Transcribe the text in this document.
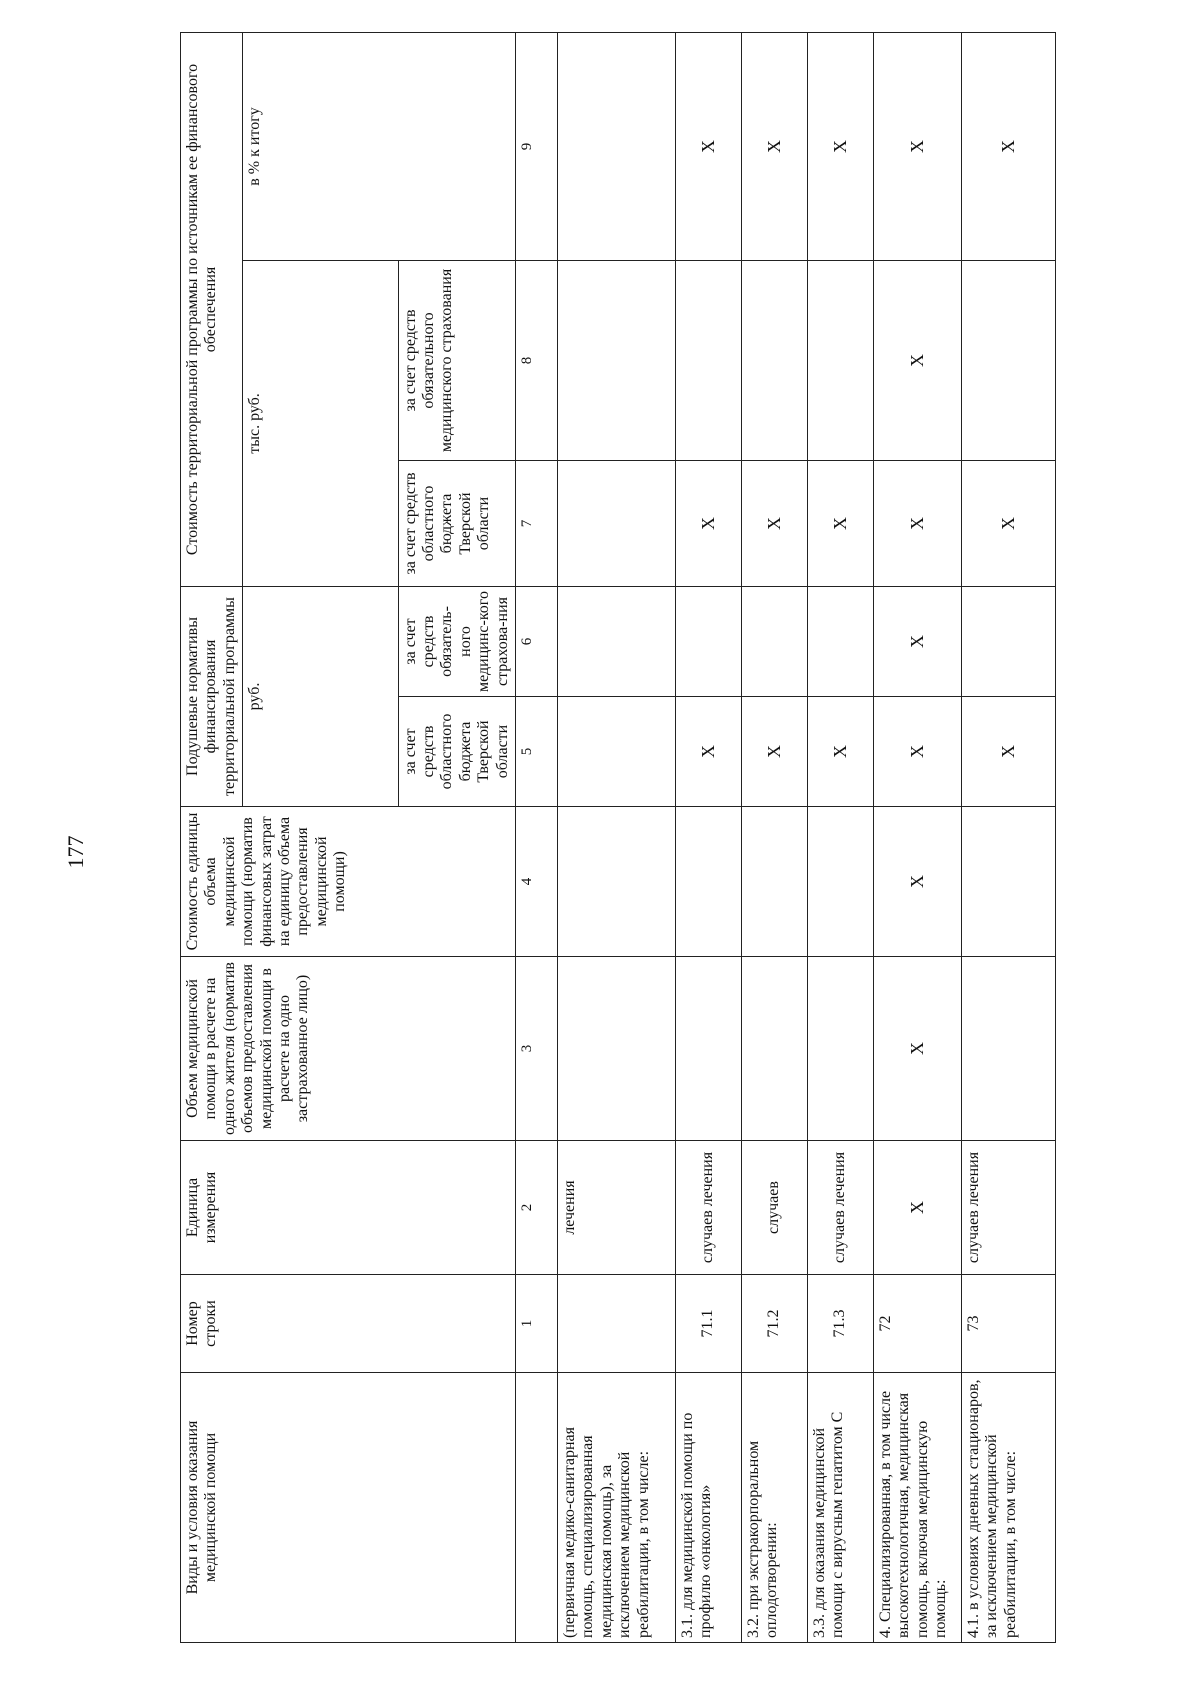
177
Виды и условия оказания медицинской помощи	Номер строки	Единица измерения	Объем медицинской помощи в расчете на одного жителя (норматив объемов предоставления медицинской помощи в расчете на одно застрахованное лицо)	Стоимость единицы объема медицинской помощи (норматив финансовых затрат на единицу объема предоставления медицинской помощи)	Подушевые нормативы финансирования территориальной программы		Стоимость территориальной программы по источникам ее финансового обеспечения		
					руб.		тыс. руб.		в % к итогу
					за счет средств областного бюджета Тверской области	за счет средств обязатель-ного медицинс-кого страхова-ния	за счет средств областного бюджета Тверской области	за счет средств обязательного медицинского страхования	
	1	2	3	4	5	6	7	8	9
(первичная медико-санитарная помощь, специализированная медицинская помощь), за исключением медицинской реабилитации, в том числе:		лечения							
3.1. для медицинской помощи по профилю «онкология»	71.1	случаев лечения			X		X		X
3.2. при экстракорпоральном оплодотворении:	71.2	случаев			X		X		X
3.3. для оказания медицинской помощи с вирусным гепатитом С	71.3	случаев лечения			X		X		X
4. Специализированная, в том числе высокотехнологичная, медицинская помощь, включая медицинскую помощь:	72	X	X	X	X	X	X	X	X
4.1. в условиях дневных стационаров, за исключением медицинской реабилитации, в том числе:	73	случаев лечения			X		X		X
